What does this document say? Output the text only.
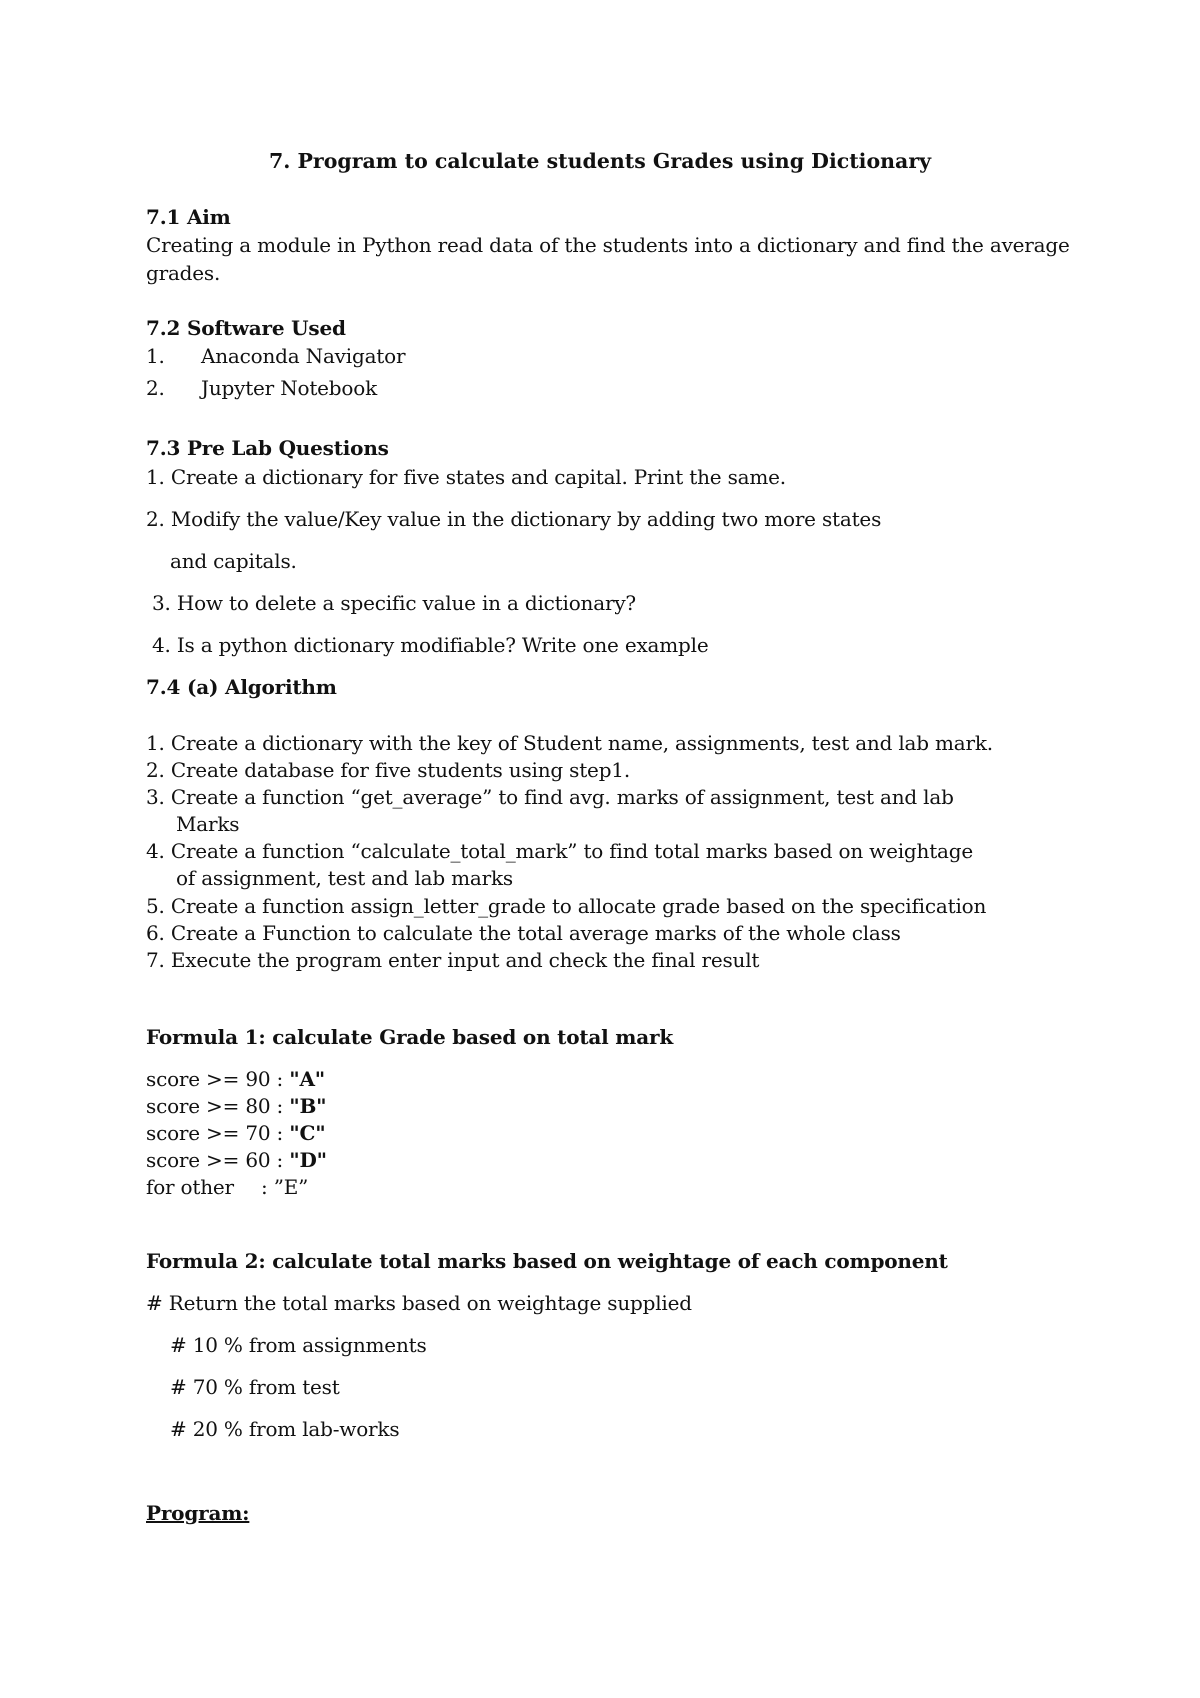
7. Program to calculate students Grades using Dictionary
7.1 Aim
Creating a module in Python read data of the students into a dictionary and find the average
grades.
7.2 Software Used
1. Anaconda Navigator
2. Jupyter Notebook
7.3 Pre Lab Questions
1. Create a dictionary for five states and capital. Print the same.
2. Modify the value/Key value in the dictionary by adding two more states
and capitals.
3. How to delete a specific value in a dictionary?
4. Is a python dictionary modifiable? Write one example
7.4 (a) Algorithm
1. Create a dictionary with the key of Student name, assignments, test and lab mark.
2. Create database for five students using step1.
3. Create a function “get_average” to find avg. marks of assignment, test and lab
Marks
4. Create a function “calculate_total_mark” to find total marks based on weightage
of assignment, test and lab marks
5. Create a function assign_letter_grade to allocate grade based on the specification
6. Create a Function to calculate the total average marks of the whole class
7. Execute the program enter input and check the final result
Formula 1: calculate Grade based on total mark
score >= 90 : "A"
score >= 80 : "B"
score >= 70 : "C"
score >= 60 : "D"
for other : ”E”
Formula 2: calculate total marks based on weightage of each component
# Return the total marks based on weightage supplied
# 10 % from assignments
# 70 % from test
# 20 % from lab-works
Program:
